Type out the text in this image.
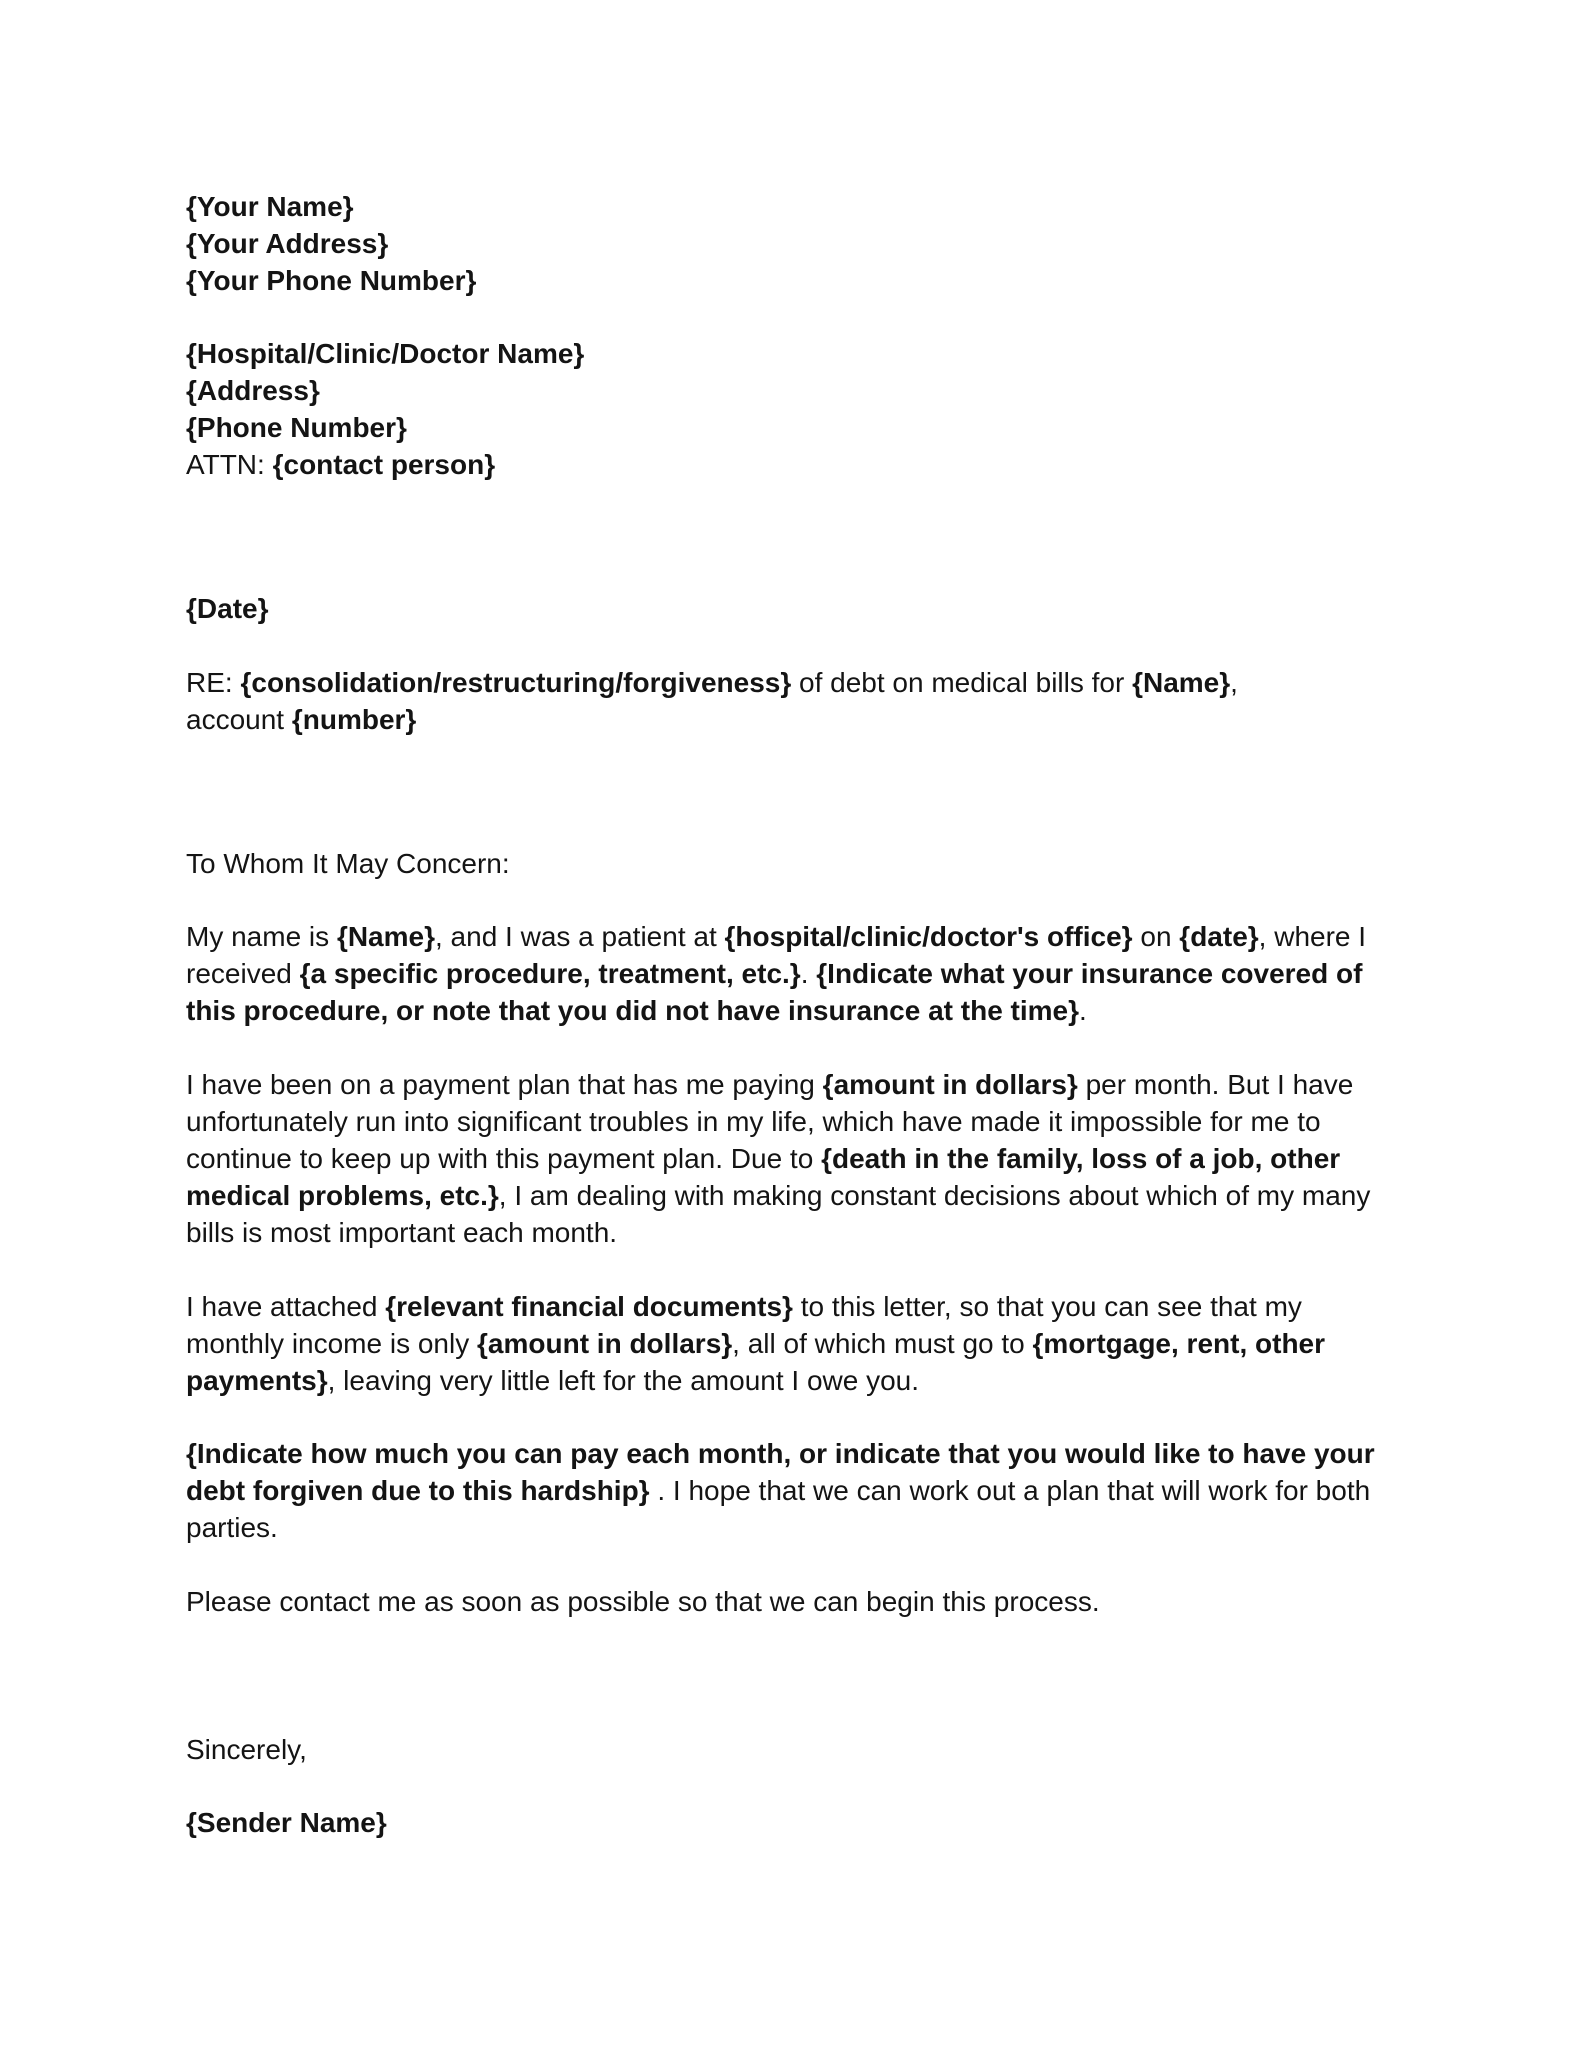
{Your Name}
{Your Address}
{Your Phone Number}
{Hospital/Clinic/Doctor Name}
{Address}
{Phone Number}
ATTN: {contact person}
{Date}
RE: {consolidation/restructuring/forgiveness} of debt on medical bills for {Name},
account {number}
To Whom It May Concern:

My name is {Name}, and I was a patient at {hospital/clinic/doctor's office} on {date}, where I received {a specific procedure, treatment, etc.}. {Indicate what your insurance covered of this procedure, or note that you did not have insurance at the time}.

I have been on a payment plan that has me paying {amount in dollars} per month. But I have unfortunately run into significant troubles in my life, which have made it impossible for me to continue to keep up with this payment plan. Due to {death in the family, loss of a job, other medical problems, etc.}, I am dealing with making constant decisions about which of my many bills is most important each month.

I have attached {relevant financial documents} to this letter, so that you can see that my monthly income is only {amount in dollars}, all of which must go to {mortgage, rent, other payments}, leaving very little left for the amount I owe you.

{Indicate how much you can pay each month, or indicate that you would like to have your debt forgiven due to this hardship} . I hope that we can work out a plan that will work for both parties.

Please contact me as soon as possible so that we can begin this process.

Sincerely,
{Sender Name}
